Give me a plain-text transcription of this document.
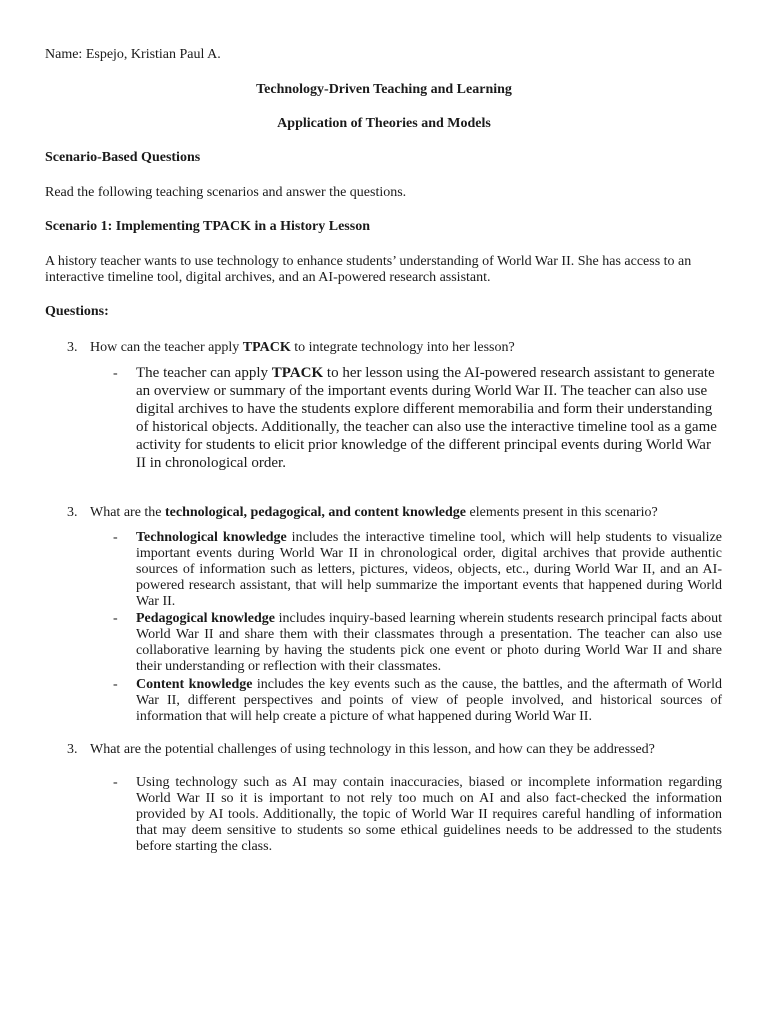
Name: Espejo, Kristian Paul A.

Technology-Driven Teaching and Learning

Application of Theories and Models

Scenario-Based Questions

Read the following teaching scenarios and answer the questions.

Scenario 1: Implementing TPACK in a History Lesson

A history teacher wants to use technology to enhance students’ understanding of World War II. She has access to an interactive timeline tool, digital archives, and an AI-powered research assistant.

Questions:

3. How can the teacher apply TPACK to integrate technology into her lesson?

- The teacher can apply TPACK to her lesson using the AI-powered research assistant to generate an overview or summary of the important events during World War II. The teacher can also use digital archives to have the students explore different memorabilia and form their understanding of historical objects. Additionally, the teacher can also use the interactive timeline tool as a game activity for students to elicit prior knowledge of the different principal events during World War II in chronological order.

3. What are the technological, pedagogical, and content knowledge elements present in this scenario?

- Technological knowledge includes the interactive timeline tool, which will help students to visualize important events during World War II in chronological order, digital archives that provide authentic sources of information such as letters, pictures, videos, objects, etc., during World War II, and an AI-powered research assistant, that will help summarize the important events that happened during World War II.

- Pedagogical knowledge includes inquiry-based learning wherein students research principal facts about World War II and share them with their classmates through a presentation. The teacher can also use collaborative learning by having the students pick one event or photo during World War II and share their understanding or reflection with their classmates.

- Content knowledge includes the key events such as the cause, the battles, and the aftermath of World War II, different perspectives and points of view of people involved, and historical sources of information that will help create a picture of what happened during World War II.

3. What are the potential challenges of using technology in this lesson, and how can they be addressed?

- Using technology such as AI may contain inaccuracies, biased or incomplete information regarding World War II so it is important to not rely too much on AI and also fact-checked the information provided by AI tools. Additionally, the topic of World War II requires careful handling of information that may deem sensitive to students so some ethical guidelines needs to be addressed to the students before starting the class.
